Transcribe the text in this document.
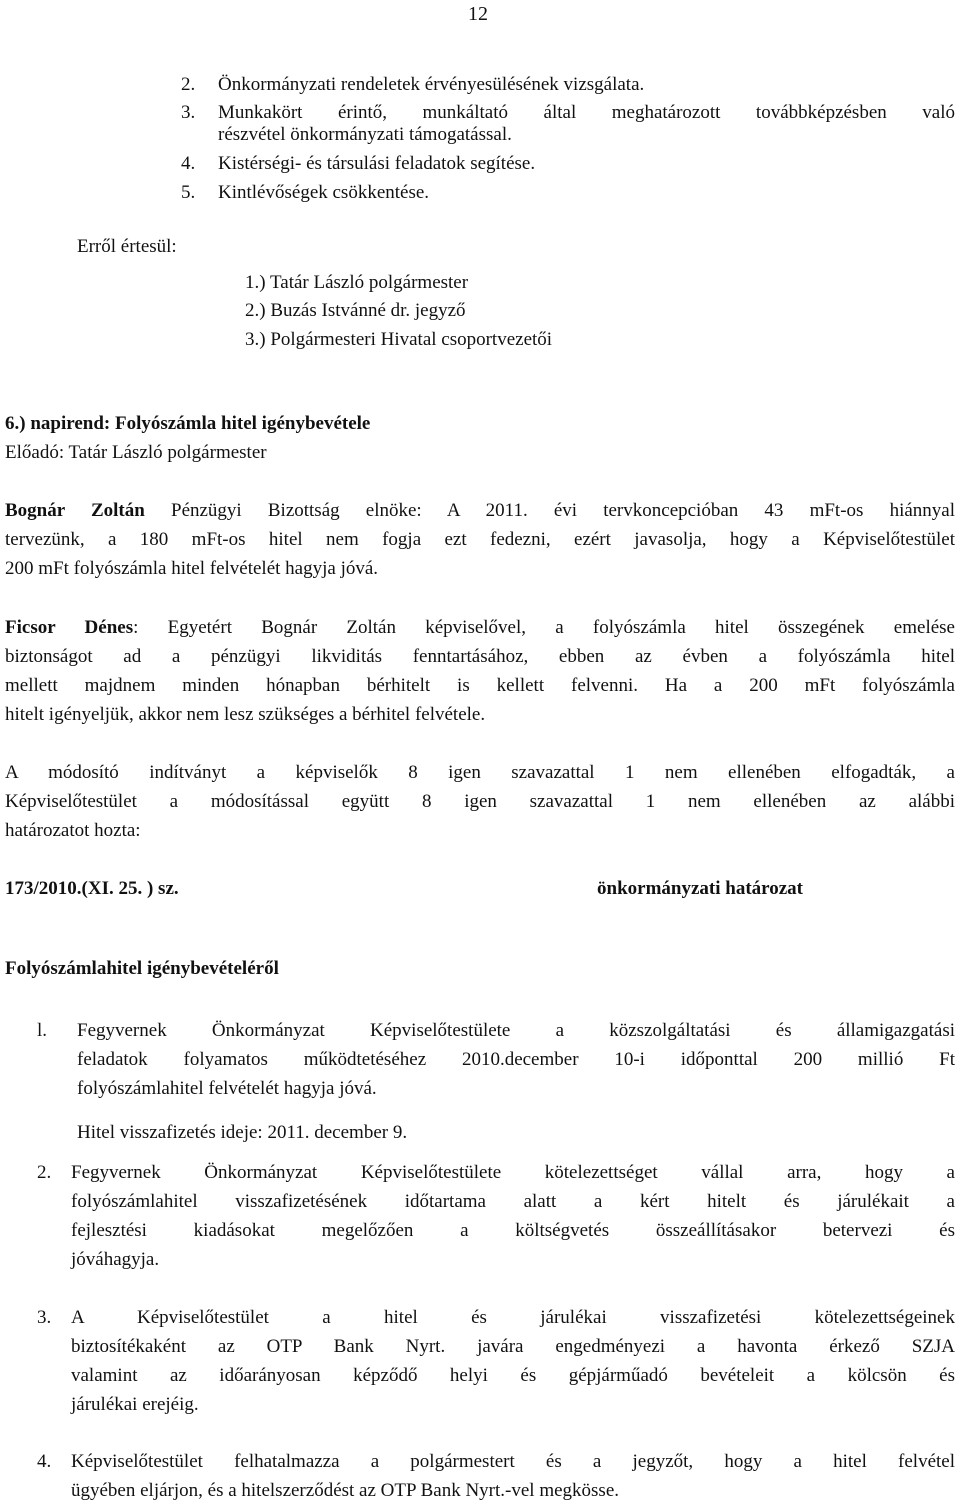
12
2. Önkormányzati rendeletek érvényesülésének vizsgálata.
3. Munkakört érintő, munkáltató által meghatározott továbbképzésben való
részvétel önkormányzati támogatással.
4. Kistérségi- és társulási feladatok segítése.
5. Kintlévőségek csökkentése.
Erről értesül:
1.) Tatár László polgármester
2.) Buzás Istvánné dr. jegyző
3.) Polgármesteri Hivatal csoportvezetői
6.) napirend: Folyószámla hitel igénybevétele
Előadó: Tatár László polgármester
Bognár Zoltán Pénzügyi Bizottság elnöke: A 2011. évi tervkoncepcióban 43 mFt-os hiánnyal
tervezünk, a 180 mFt-os hitel nem fogja ezt fedezni, ezért javasolja, hogy a Képviselőtestület
200 mFt folyószámla hitel felvételét hagyja jóvá.
Ficsor Dénes: Egyetért Bognár Zoltán képviselővel, a folyószámla hitel összegének emelése
biztonságot ad a pénzügyi likviditás fenntartásához, ebben az évben a folyószámla hitel
mellett majdnem minden hónapban bérhitelt is kellett felvenni. Ha a 200 mFt folyószámla
hitelt igényeljük, akkor nem lesz szükséges a bérhitel felvétele.
A módosító indítványt a képviselők 8 igen szavazattal 1 nem ellenében elfogadták, a
Képviselőtestület a módosítással együtt 8 igen szavazattal 1 nem ellenében az alábbi
határozatot hozta:
173/2010.(XI. 25. ) sz.	önkormányzati határozat
Folyószámlahitel igénybevételéről
l. Fegyvernek Önkormányzat Képviselőtestülete a közszolgáltatási és államigazgatási
feladatok folyamatos működtetéséhez 2010.december 10-i időponttal 200 millió Ft
folyószámlahitel felvételét hagyja jóvá.
Hitel visszafizetés ideje: 2011. december 9.
2. Fegyvernek Önkormányzat Képviselőtestülete kötelezettséget vállal arra, hogy a
folyószámlahitel visszafizetésének időtartama alatt a kért hitelt és járulékait a
fejlesztési kiadásokat megelőzően a költségvetés összeállításakor betervezi és
jóváhagyja.
3. A Képviselőtestület a hitel és járulékai visszafizetési kötelezettségeinek
biztosítékaként az OTP Bank Nyrt. javára engedményezi a havonta érkező SZJA
valamint az időarányosan képződő helyi és gépjárműadó bevételeit a kölcsön és
járulékai erejéig.
4. Képviselőtestület felhatalmazza a polgármestert és a jegyzőt, hogy a hitel felvétel
ügyében eljárjon, és a hitelszerződést az OTP Bank Nyrt.-vel megkösse.
